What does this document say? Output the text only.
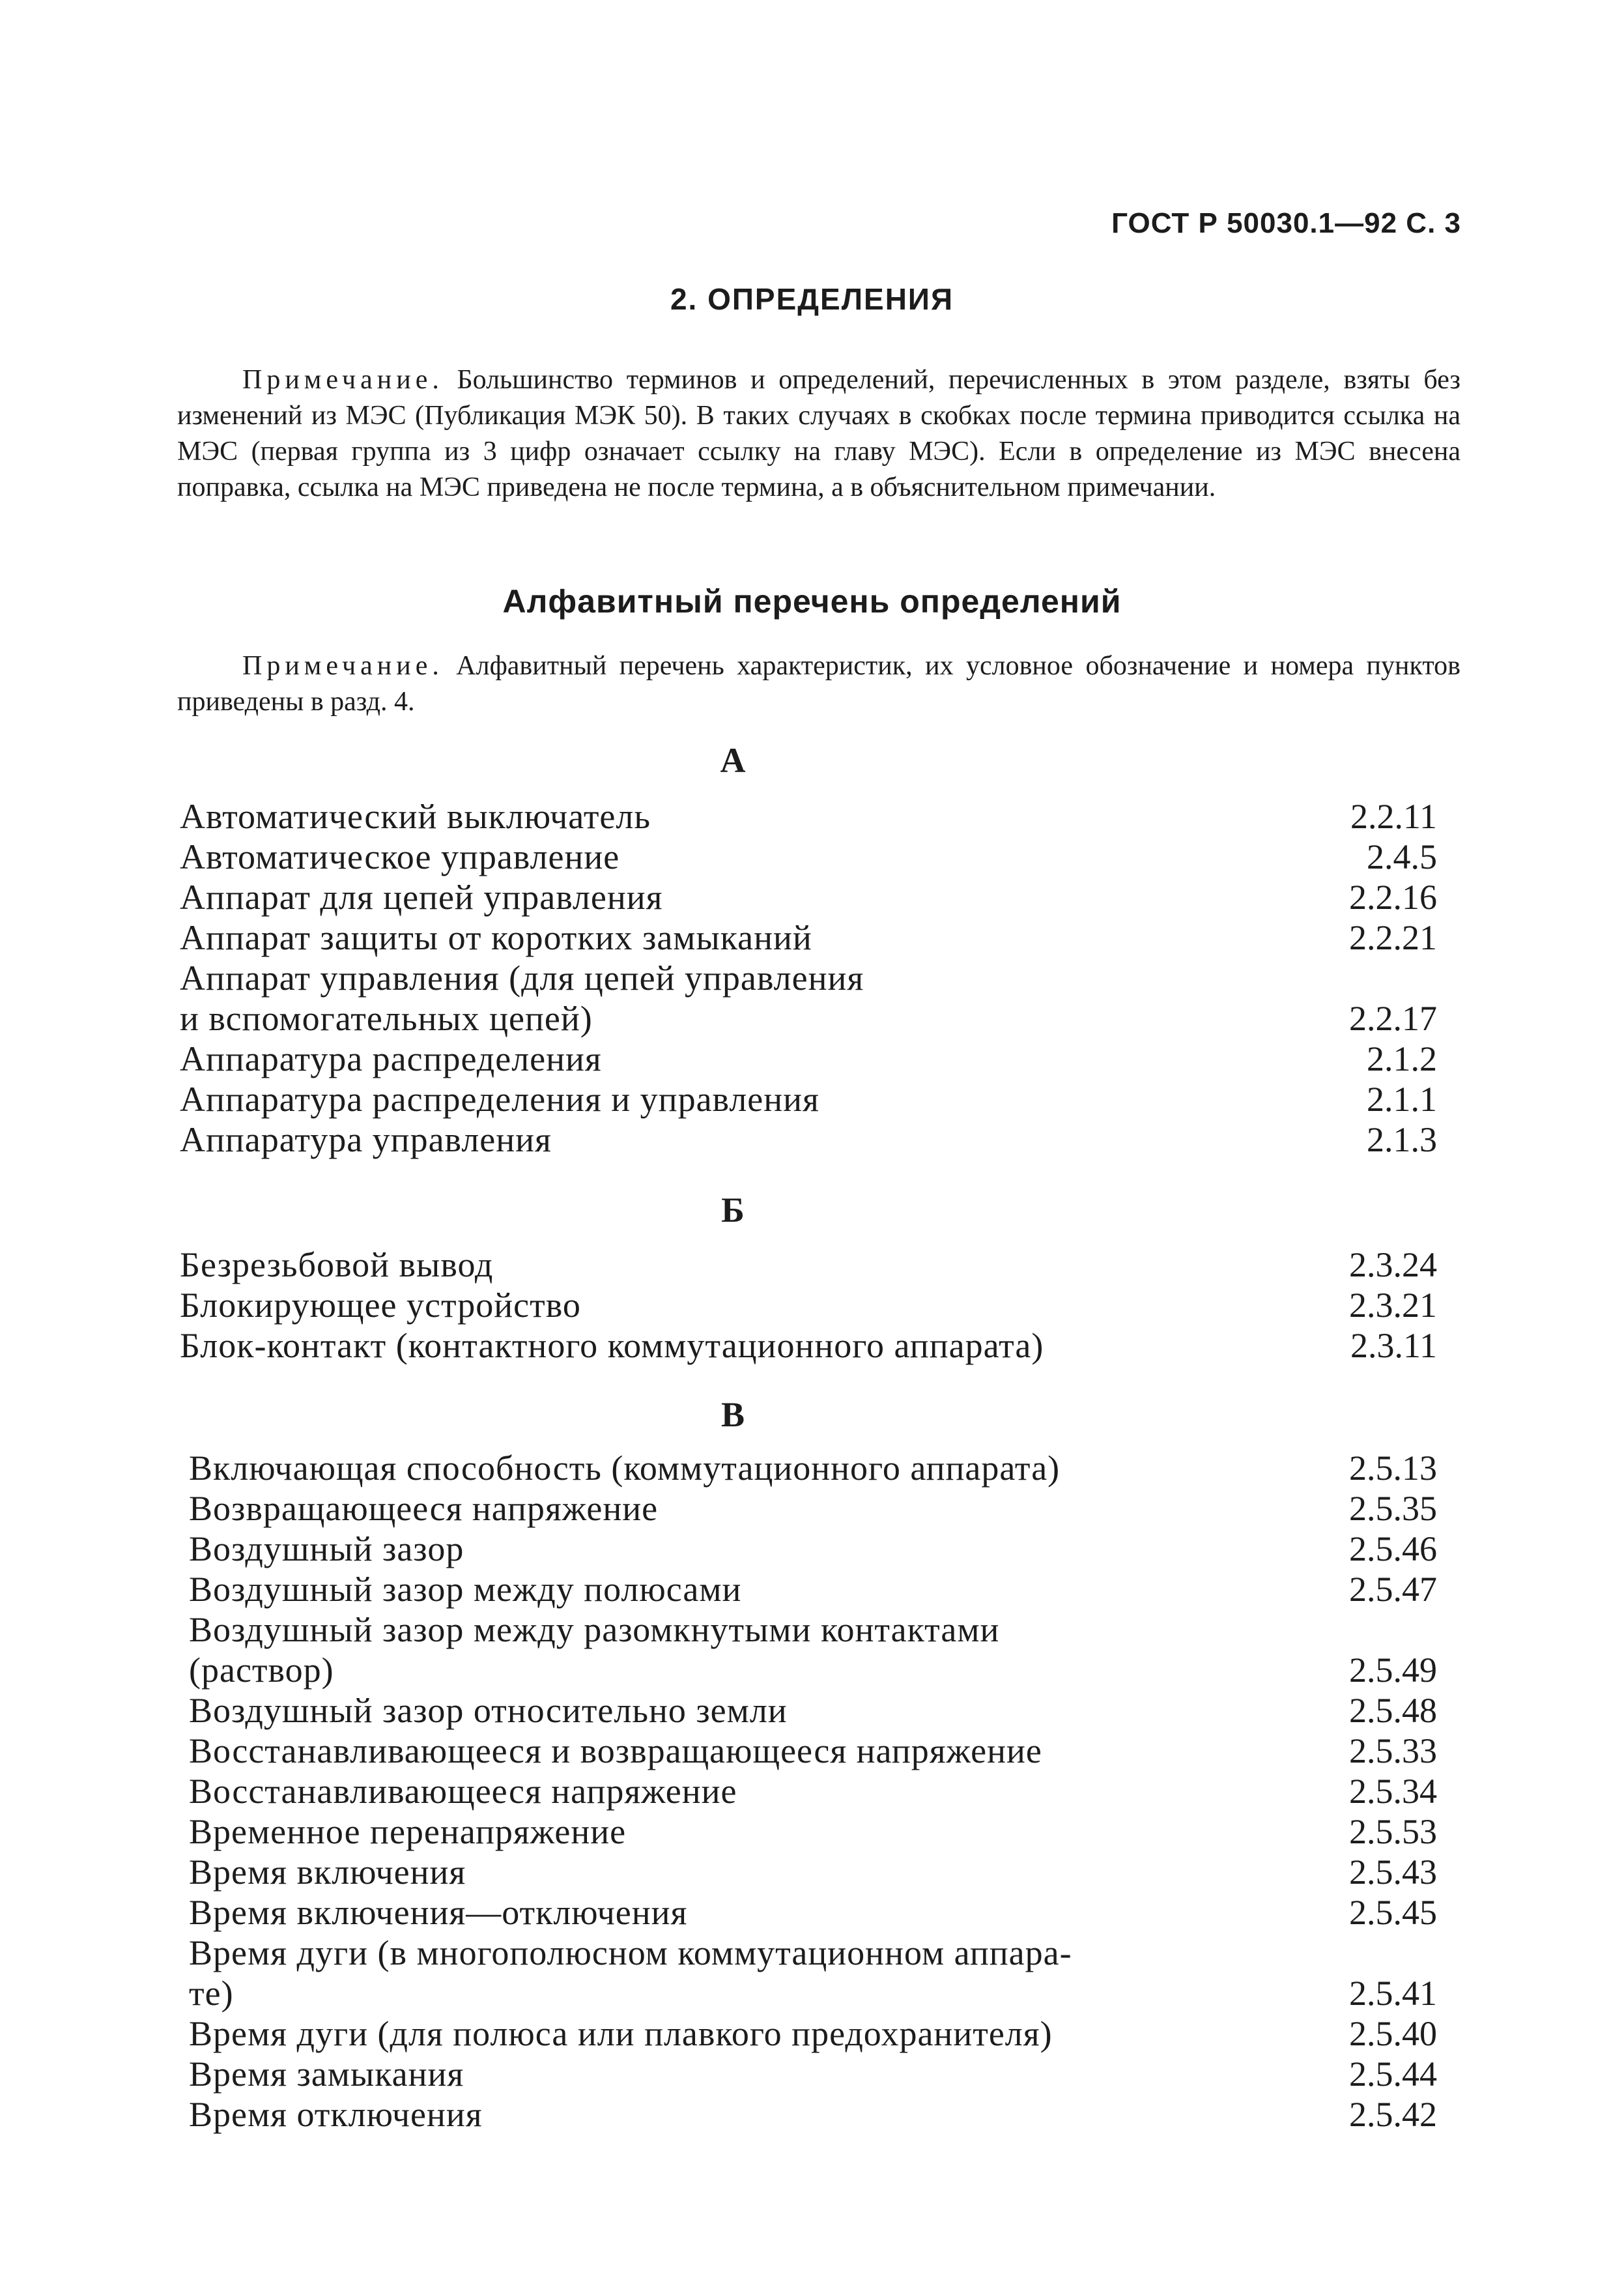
ГОСТ Р 50030.1—92 С. 3
2. ОПРЕДЕЛЕНИЯ
Примечание. Большинство терминов и определений, перечисленных в этом разделе, взяты без изменений из МЭС (Публикация МЭК 50). В таких случаях в скобках после термина приводится ссылка на МЭС (первая группа из 3 цифр означает ссылку на главу МЭС). Если в определение из МЭС внесена поправка, ссылка на МЭС приведена не после термина, а в объяснительном примечании.
Алфавитный перечень определений
Примечание. Алфавитный перечень характеристик, их условное обозначение и номера пунктов приведены в разд. 4.
А
Автоматический выключатель	2.2.11
Автоматическое управление	2.4.5
Аппарат для цепей управления	2.2.16
Аппарат защиты от коротких замыканий	2.2.21
Аппарат управления (для цепей управления
и вспомогательных цепей)	2.2.17
Аппаратура распределения	2.1.2
Аппаратура распределения и управления	2.1.1
Аппаратура управления	2.1.3
Б
Безрезьбовой вывод	2.3.24
Блокирующее устройство	2.3.21
Блок-контакт (контактного коммутационного аппарата)	2.3.11
В
Включающая способность (коммутационного аппарата)	2.5.13
Возвращающееся напряжение	2.5.35
Воздушный зазор	2.5.46
Воздушный зазор между полюсами	2.5.47
Воздушный зазор между разомкнутыми контактами
(раствор)	2.5.49
Воздушный зазор относительно земли	2.5.48
Восстанавливающееся и возвращающееся напряжение	2.5.33
Восстанавливающееся напряжение	2.5.34
Временное перенапряжение	2.5.53
Время включения	2.5.43
Время включения—отключения	2.5.45
Время дуги (в многополюсном коммутационном аппара-
те)	2.5.41
Время дуги (для полюса или плавкого предохранителя)	2.5.40
Время замыкания	2.5.44
Время отключения	2.5.42
